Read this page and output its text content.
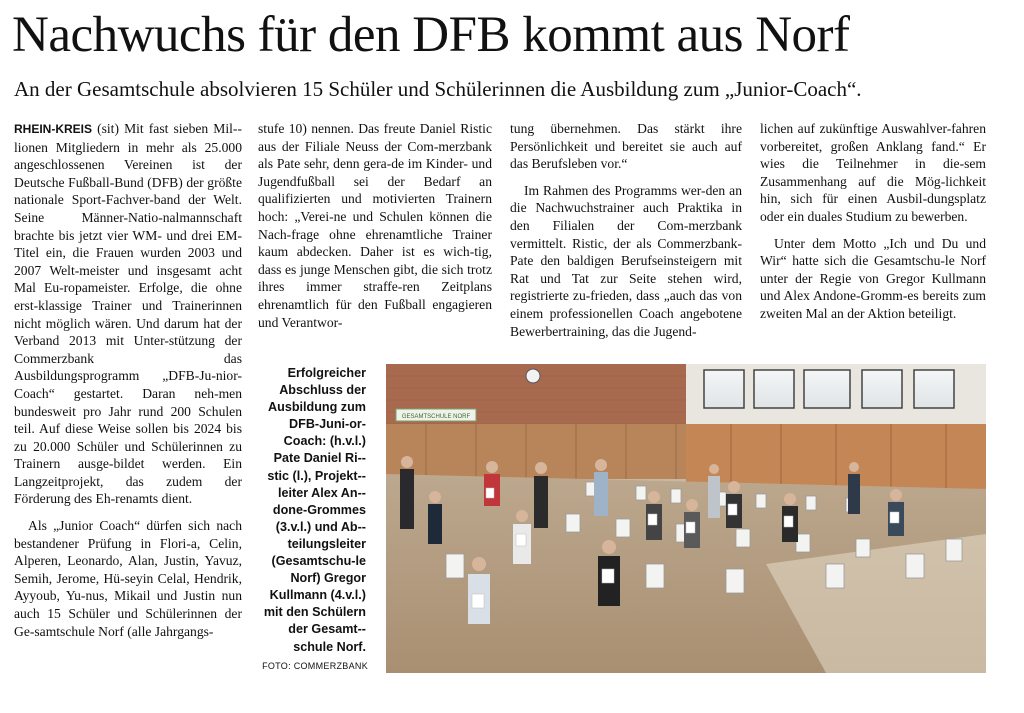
Nachwuchs für den DFB kommt aus Norf
An der Gesamtschule absolvieren 15 Schüler und Schülerinnen die Ausbildung zum „Junior-Coach“.

RHEIN-KREIS (sit) Mit fast sieben Mil-lionen Mitgliedern in mehr als 25.000 angeschlossenen Vereinen ist der Deutsche Fußball-Bund (DFB) der größte nationale Sport-Fachver-band der Welt. Seine Männer-Natio-nalmannschaft brachte bis jetzt vier WM- und drei EM-Titel ein, die Frauen wurden 2003 und 2007 Welt-meister und insgesamt acht Mal Eu-ropameister. Erfolge, die ohne erst-klassige Trainer und Trainerinnen nicht möglich wären. Und darum hat der Verband 2013 mit Unter-stützung der Commerzbank das Ausbildungsprogramm „DFB-Ju-nior-Coach“ gestartet. Daran neh-men bundesweit pro Jahr rund 200 Schulen teil. Auf diese Weise sollen bis 2024 bis zu 20.000 Schüler und Schülerinnen zu Trainern ausge-bildet werden. Ein Langzeitprojekt, das zudem der Förderung des Eh-renamts dient.

Als „Junior Coach“ dürfen sich nach bestandener Prüfung in Flori-a, Celin, Alperen, Leonardo, Alan, Justin, Yavuz, Semih, Jerome, Hü-seyin Celal, Hendrik, Ayyoub, Yu-nus, Mikail und Justin nun auch 15 Schüler und Schülerinnen der Ge-samtschule Norf (alle Jahrgangs-

stufe 10) nennen. Das freute Daniel Ristic aus der Filiale Neuss der Com-merzbank als Pate sehr, denn gera-de im Kinder- und Jugendfußball sei der Bedarf an qualifizierten und motivierten Trainern hoch: „Verei-ne und Schulen können die Nach-frage ohne ehrenamtliche Trainer kaum abdecken. Daher ist es wich-tig, dass es junge Menschen gibt, die sich trotz ihres immer straffe-ren Zeitplans ehrenamtlich für den Fußball engagieren und Verantwor-

tung übernehmen. Das stärkt ihre Persönlichkeit und bereitet sie auch auf das Berufsleben vor.“

Im Rahmen des Programms wer-den an die Nachwuchstrainer auch Praktika in den Filialen der Com-merzbank vermittelt. Ristic, der als Commerzbank-Pate den baldigen Berufseinsteigern mit Rat und Tat zur Seite stehen wird, registrierte zu-frieden, dass „auch das von einem professionellen Coach angebotene Bewerbertraining, das die Jugend-

lichen auf zukünftige Auswahlver-fahren vorbereitet, großen Anklang fand.“ Er wies die Teilnehmer in die-sem Zusammenhang auf die Mög-lichkeit hin, sich für einen Ausbil-dungsplatz oder ein duales Studium zu bewerben.

Unter dem Motto „Ich und Du und Wir“ hatte sich die Gesamtschu-le Norf unter der Regie von Gregor Kullmann und Alex Andone-Gromm-es bereits zum zweiten Mal an der Aktion beteiligt.

Erfolgreicher Abschluss der Ausbildung zum DFB-Juni-or-Coach: (h.v.l.) Pate Daniel Ri-stic (l.), Projekt-leiter Alex An-done-Grommes (3.v.l.) und Ab-teilungsleiter (Gesamtschu-le Norf) Gregor Kullmann (4.v.l.) mit den Schülern der Gesamt-schule Norf.
FOTO: COMMERZBANK
GESAMTSCHULE NORF
